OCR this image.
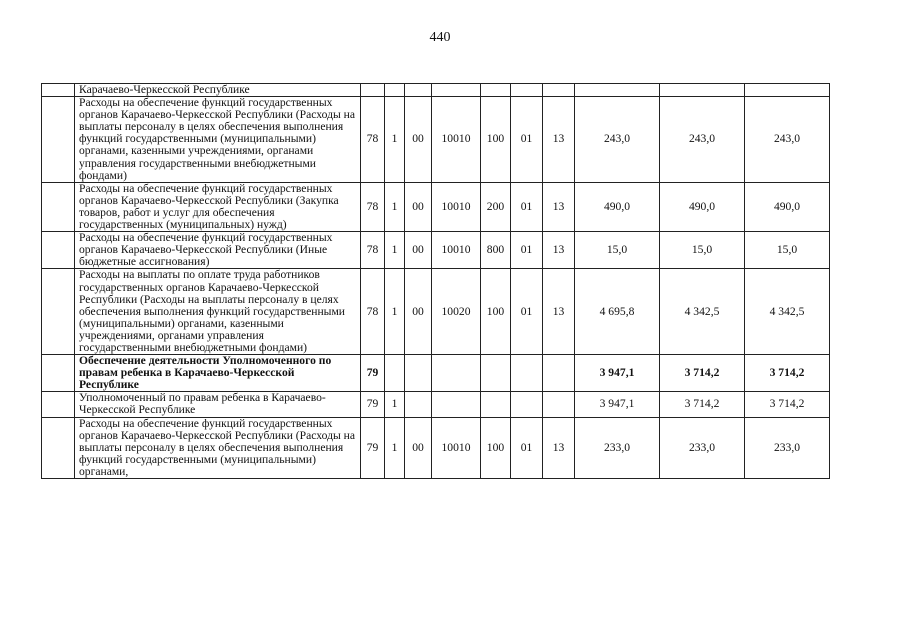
440
	Карачаево-Черкесской Республике										
	Расходы на обеспечение функций государственных органов Карачаево-Черкесской Республики (Расходы на выплаты персоналу в целях обеспечения выполнения функций государственными (муниципальными) органами, казенными учреждениями, органами управления государственными внебюджетными фондами)	78	1	00	10010	100	01	13	243,0	243,0	243,0
	Расходы на обеспечение функций государственных органов Карачаево-Черкесской Республики (Закупка товаров, работ и услуг для обеспечения государственных (муниципальных) нужд)	78	1	00	10010	200	01	13	490,0	490,0	490,0
	Расходы на обеспечение функций государственных органов Карачаево-Черкесской Республики (Иные бюджетные ассигнования)	78	1	00	10010	800	01	13	15,0	15,0	15,0
	Расходы на выплаты по оплате труда работников государственных органов Карачаево-Черкесской Республики (Расходы на выплаты персоналу в целях обеспечения выполнения функций государственными (муниципальными) органами, казенными учреждениями, органами управления государственными внебюджетными фондами)	78	1	00	10020	100	01	13	4 695,8	4 342,5	4 342,5
	Обеспечение деятельности Уполномоченного по правам ребенка в Карачаево-Черкесской Республике	79							3 947,1	3 714,2	3 714,2
	Уполномоченный по правам ребенка в Карачаево-Черкесской Республике	79	1						3 947,1	3 714,2	3 714,2
	Расходы на обеспечение функций государственных органов Карачаево-Черкесской Республики (Расходы на выплаты персоналу в целях обеспечения выполнения функций государственными (муниципальными) органами,	79	1	00	10010	100	01	13	233,0	233,0	233,0
